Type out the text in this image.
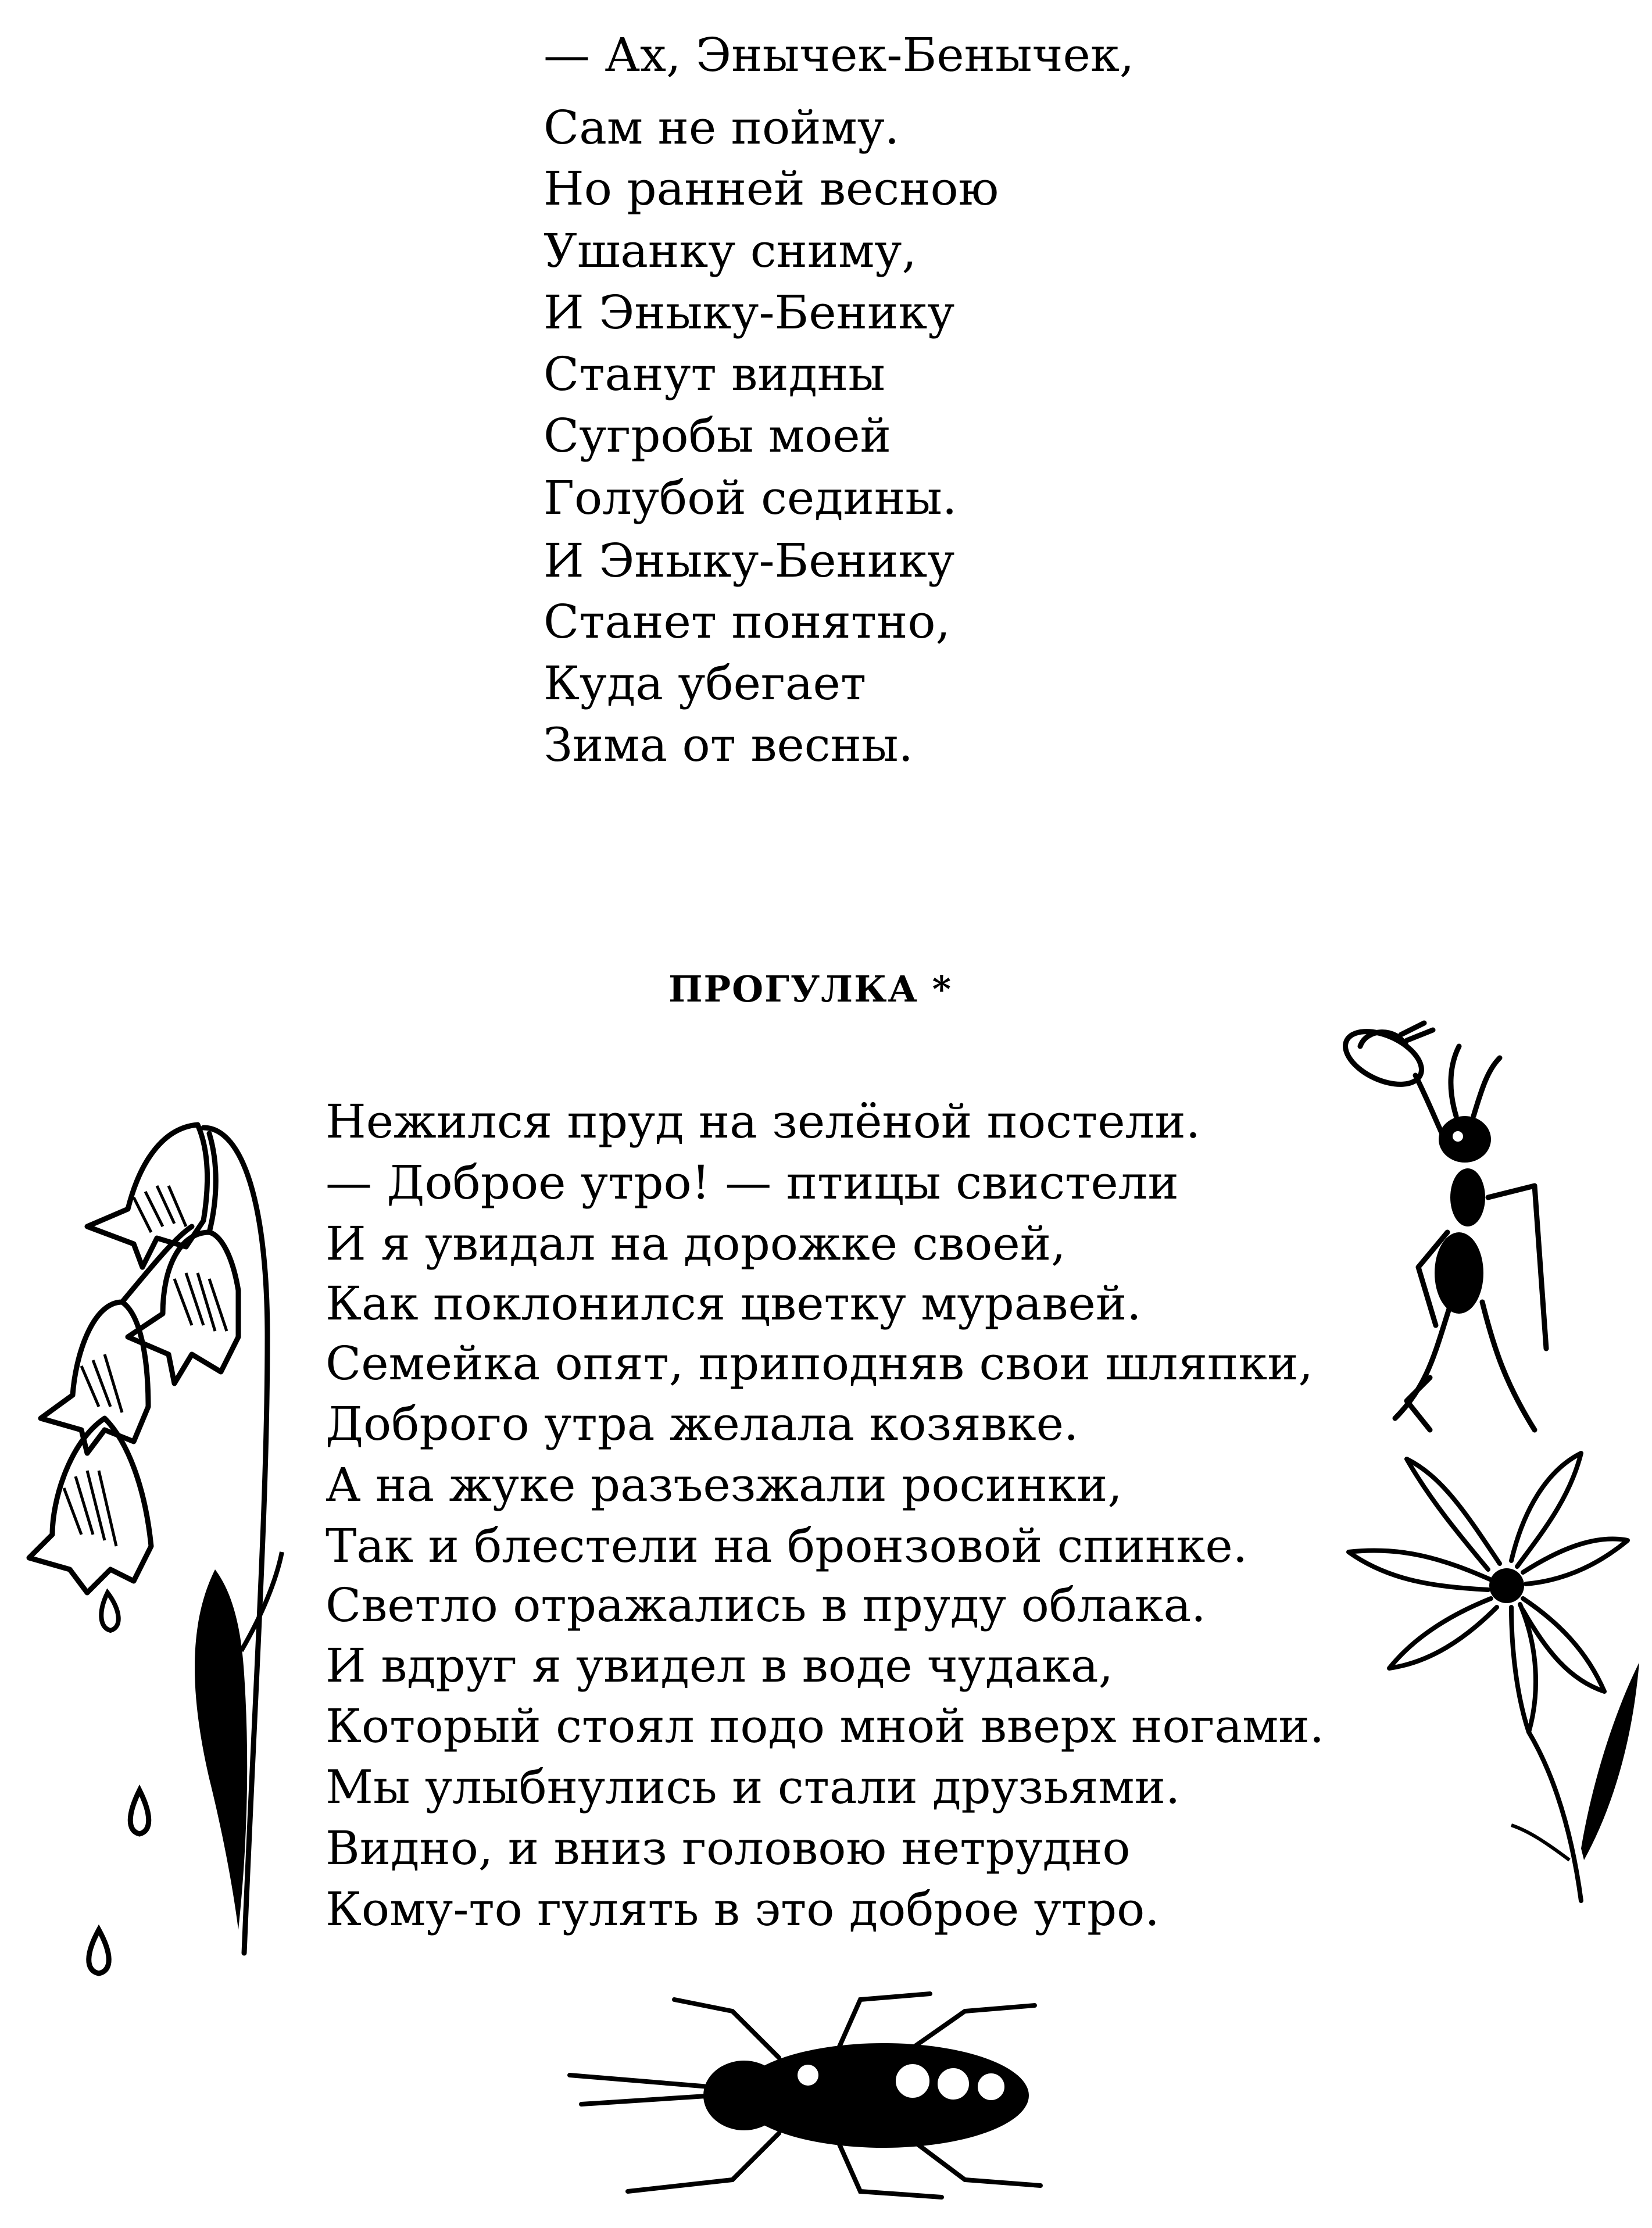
— Ах, Энычек-Бенычек,
Сам не пойму.
Но ранней весною
Ушанку сниму,
И Эныку-Бенику
Станут видны
Сугробы моей
Голубой седины.
И Эныку-Бенику
Станет понятно,
Куда убегает
Зима от весны.
ПРОГУЛКА *
Нежился пруд на зелёной постели.
— Доброе утро! — птицы свистели
И я увидал на дорожке своей,
Как поклонился цветку муравей.
Семейка опят, приподняв свои шляпки,
Доброго утра желала козявке.
А на жуке разъезжали росинки,
Так и блестели на бронзовой спинке.
Светло отражались в пруду облака.
И вдруг я увидел в воде чудака,
Который стоял подо мной вверх ногами.
Мы улыбнулись и стали друзьями.
Видно, и вниз головою нетрудно
Кому-то гулять в это доброе утро.
